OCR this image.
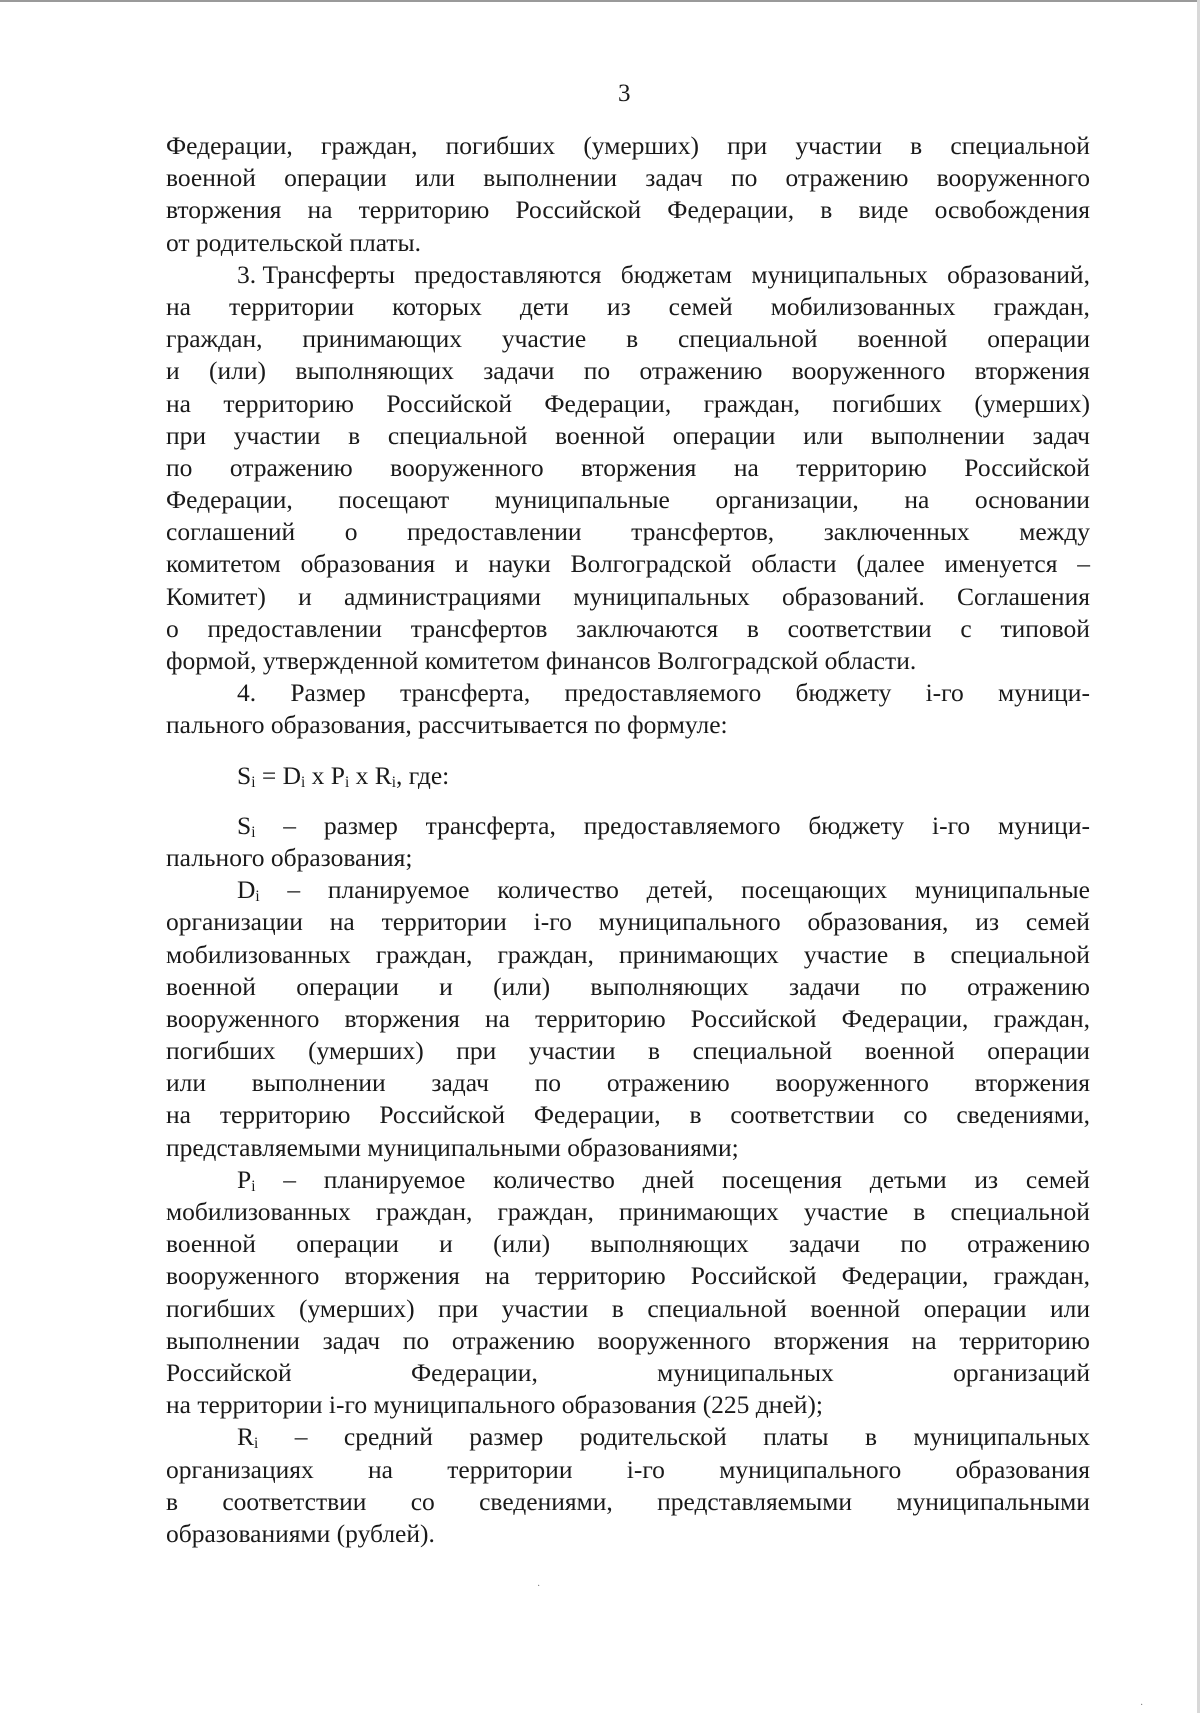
3
Федерации, граждан, погибших (умерших) при участии в специальной
военной операции или выполнении задач по отражению вооруженного
вторжения на территорию Российской Федерации, в виде освобождения
от родительской платы.
3. Трансферты предоставляются бюджетам муниципальных образований,
на территории которых дети из семей мобилизованных граждан,
граждан, принимающих участие в специальной военной операции
и (или) выполняющих задачи по отражению вооруженного вторжения
на территорию Российской Федерации, граждан, погибших (умерших)
при участии в специальной военной операции или выполнении задач
по отражению вооруженного вторжения на территорию Российской
Федерации, посещают муниципальные организации, на основании
соглашений о предоставлении трансфертов, заключенных между
комитетом образования и науки Волгоградской области (далее именуется –
Комитет) и администрациями муниципальных образований. Соглашения
о предоставлении трансфертов заключаются в соответствии с типовой
формой, утвержденной комитетом финансов Волгоградской области.
4. Размер трансферта, предоставляемого бюджету i-го муници-
пального образования, рассчитывается по формуле:
$S_i = D_i$ x $P_i$ x $R_i$, где:
$S_i$ – размер трансферта, предоставляемого бюджету i-го муници-
пального образования;
$D_i$ – планируемое количество детей, посещающих муниципальные
организации на территории i-го муниципального образования, из семей
мобилизованных граждан, граждан, принимающих участие в специальной
военной операции и (или) выполняющих задачи по отражению
вооруженного вторжения на территорию Российской Федерации, граждан,
погибших (умерших) при участии в специальной военной операции
или выполнении задач по отражению вооруженного вторжения
на территорию Российской Федерации, в соответствии со сведениями,
представляемыми муниципальными образованиями;
$P_i$ – планируемое количество дней посещения детьми из семей
мобилизованных граждан, граждан, принимающих участие в специальной
военной операции и (или) выполняющих задачи по отражению
вооруженного вторжения на территорию Российской Федерации, граждан,
погибших (умерших) при участии в специальной военной операции или
выполнении задач по отражению вооруженного вторжения на территорию
Российской	Федерации,	муниципальных	организаций
на территории i-го муниципального образования (225 дней);
$R_i$ – средний размер родительской платы в муниципальных
организациях на территории i-го муниципального образования
в соответствии со сведениями, представляемыми муниципальными
образованиями (рублей).
·
·
